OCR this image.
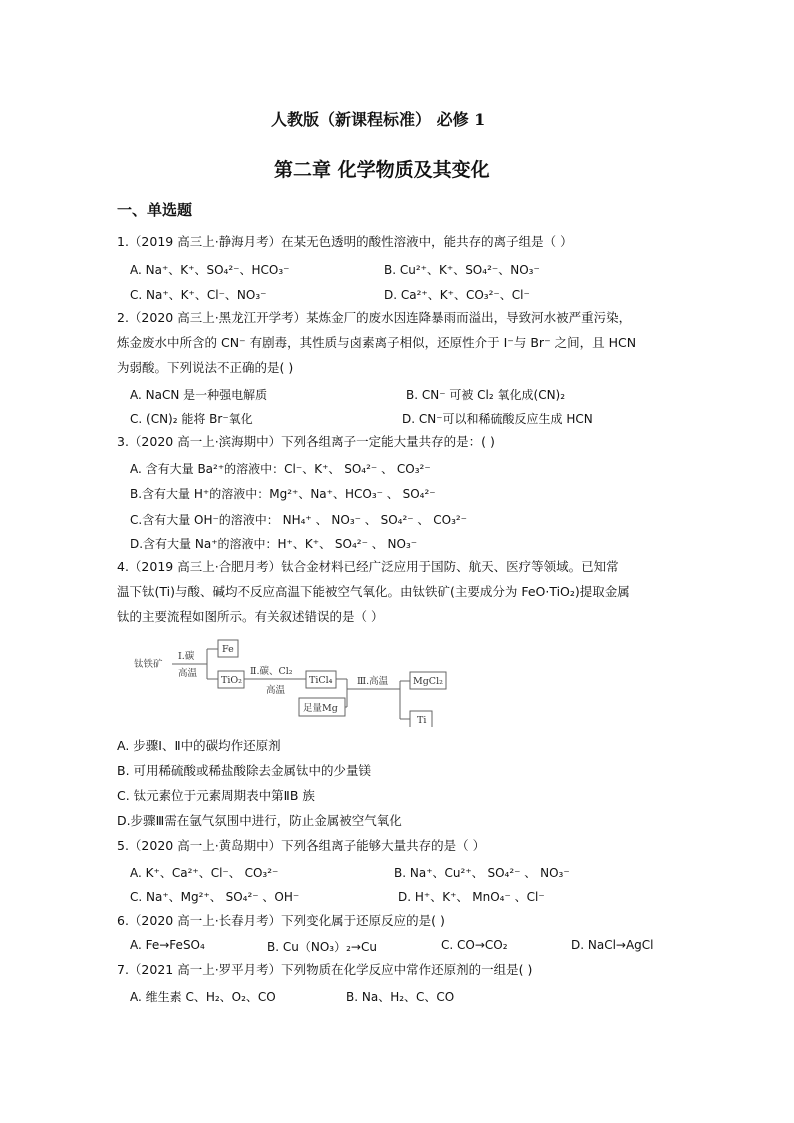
人教版（新课程标准） 必修 1
第二章 化学物质及其变化
一、单选题
1.（2019 高三上·静海月考）在某无色透明的酸性溶液中，能共存的离子组是（ ）
A. Na⁺、K⁺、SO₄²⁻、HCO₃⁻	B. Cu²⁺、K⁺、SO₄²⁻、NO₃⁻
C. Na⁺、K⁺、Cl⁻、NO₃⁻	D. Ca²⁺、K⁺、CO₃²⁻、Cl⁻
2.（2020 高三上·黑龙江开学考）某炼金厂的废水因连降暴雨而溢出，导致河水被严重污染，
炼金废水中所含的 CN⁻ 有剧毒，其性质与卤素离子相似，还原性介于 I⁻与 Br⁻ 之间，且 HCN
为弱酸。下列说法不正确的是( )
A. NaCN 是一种强电解质	B. CN⁻ 可被 Cl₂ 氧化成(CN)₂
C. (CN)₂ 能将 Br⁻氧化	D. CN⁻可以和稀硫酸反应生成 HCN
3.（2020 高一上·滨海期中）下列各组离子一定能大量共存的是：( )
A. 含有大量 Ba²⁺的溶液中：Cl⁻、K⁺、 SO₄²⁻ 、 CO₃²⁻
B.含有大量 H⁺的溶液中：Mg²⁺、Na⁺、HCO₃⁻ 、 SO₄²⁻
C.含有大量 OH⁻的溶液中： NH₄⁺ 、 NO₃⁻ 、 SO₄²⁻ 、 CO₃²⁻
D.含有大量 Na⁺的溶液中：H⁺、K⁺、 SO₄²⁻ 、 NO₃⁻
4.（2019 高三上·合肥月考）钛合金材料已经广泛应用于国防、航天、医疗等领域。已知常
温下钛(Ti)与酸、碱均不反应高温下能被空气氧化。由钛铁矿(主要成分为 FeO·TiO₂)提取金属
钛的主要流程如图所示。有关叙述错误的是（ ）
钛铁矿
Ⅰ.碳
高温
Fe
TiO₂
Ⅱ.碳、Cl₂
高温
TiCl₄
足量Mg
Ⅲ.高温	MgCl₂
Ti
A. 步骤Ⅰ、Ⅱ中的碳均作还原剂
B. 可用稀硫酸或稀盐酸除去金属钛中的少量镁
C. 钛元素位于元素周期表中第ⅡB 族
D.步骤Ⅲ需在氩气氛围中进行，防止金属被空气氧化
5.（2020 高一上·黄岛期中）下列各组离子能够大量共存的是（ ）
A. K⁺、Ca²⁺、Cl⁻、 CO₃²⁻	B. Na⁺、Cu²⁺、 SO₄²⁻ 、 NO₃⁻
C. Na⁺、Mg²⁺、 SO₄²⁻ 、OH⁻	D. H⁺、K⁺、 MnO₄⁻ 、Cl⁻
6.（2020 高一上·长春月考）下列变化属于还原反应的是( )
A. Fe→FeSO₄	B. Cu（NO₃）₂→Cu	C. CO→CO₂	D. NaCl→AgCl
7.（2021 高一上·罗平月考）下列物质在化学反应中常作还原剂的一组是( )
A. 维生素 C、H₂、O₂、CO	B. Na、H₂、C、CO
